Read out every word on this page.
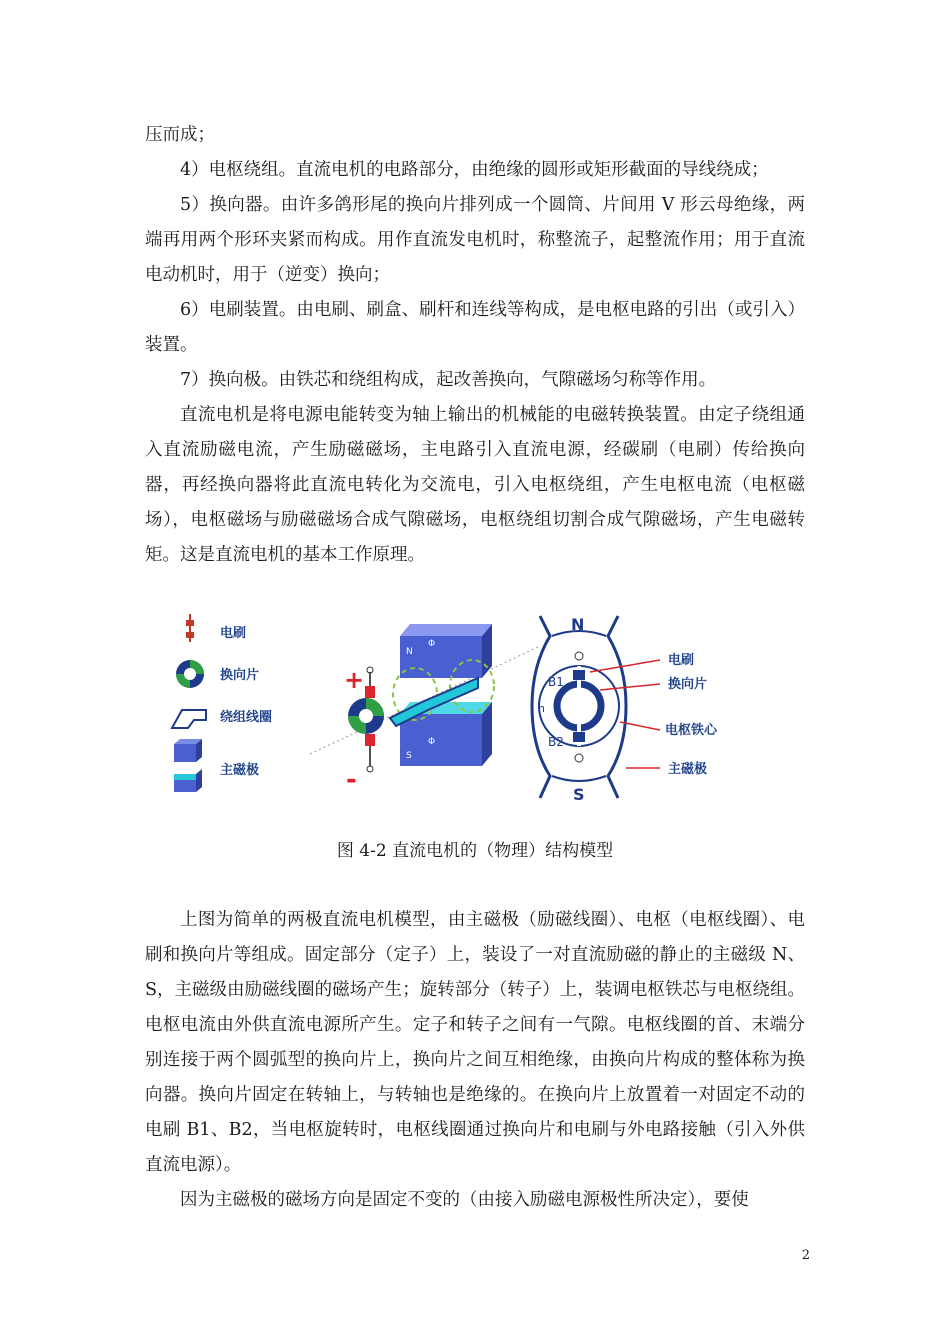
压而成；

4）电枢绕组。直流电机的电路部分，由绝缘的圆形或矩形截面的导线绕成；

5）换向器。由许多鸽形尾的换向片排列成一个圆筒、片间用 V 形云母绝缘，两端再用两个形环夹紧而构成。用作直流发电机时，称整流子，起整流作用；用于直流电动机时，用于（逆变）换向；

6）电刷装置。由电刷、刷盒、刷杆和连线等构成，是电枢电路的引出（或引入）装置。

7）换向极。由铁芯和绕组构成，起改善换向，气隙磁场匀称等作用。

直流电机是将电源电能转变为轴上输出的机械能的电磁转换装置。由定子绕组通入直流励磁电流，产生励磁磁场，主电路引入直流电源，经碳刷（电刷）传给换向器，再经换向器将此直流电转化为交流电，引入电枢绕组，产生电枢电流（电枢磁场），电枢磁场与励磁磁场合成气隙磁场，电枢绕组切割合成气隙磁场，产生电磁转矩。这是直流电机的基本工作原理。

电刷
换向片
绕组线圈
主磁极
N
Φ
S
Φ
+
-
N
S
B1
B2
n
电刷
换向片
电枢铁心
主磁极
图 4-2 直流电机的（物理）结构模型

上图为简单的两极直流电机模型，由主磁极（励磁线圈）、电枢（电枢线圈）、电刷和换向片等组成。固定部分（定子）上，装设了一对直流励磁的静止的主磁级 N、S，主磁级由励磁线圈的磁场产生；旋转部分（转子）上，装调电枢铁芯与电枢绕组。电枢电流由外供直流电源所产生。定子和转子之间有一气隙。电枢线圈的首、末端分别连接于两个圆弧型的换向片上，换向片之间互相绝缘，由换向片构成的整体称为换向器。换向片固定在转轴上，与转轴也是绝缘的。在换向片上放置着一对固定不动的电刷 B1、B2，当电枢旋转时，电枢线圈通过换向片和电刷与外电路接触（引入外供直流电源）。

因为主磁极的磁场方向是固定不变的（由接入励磁电源极性所决定），要使

2
